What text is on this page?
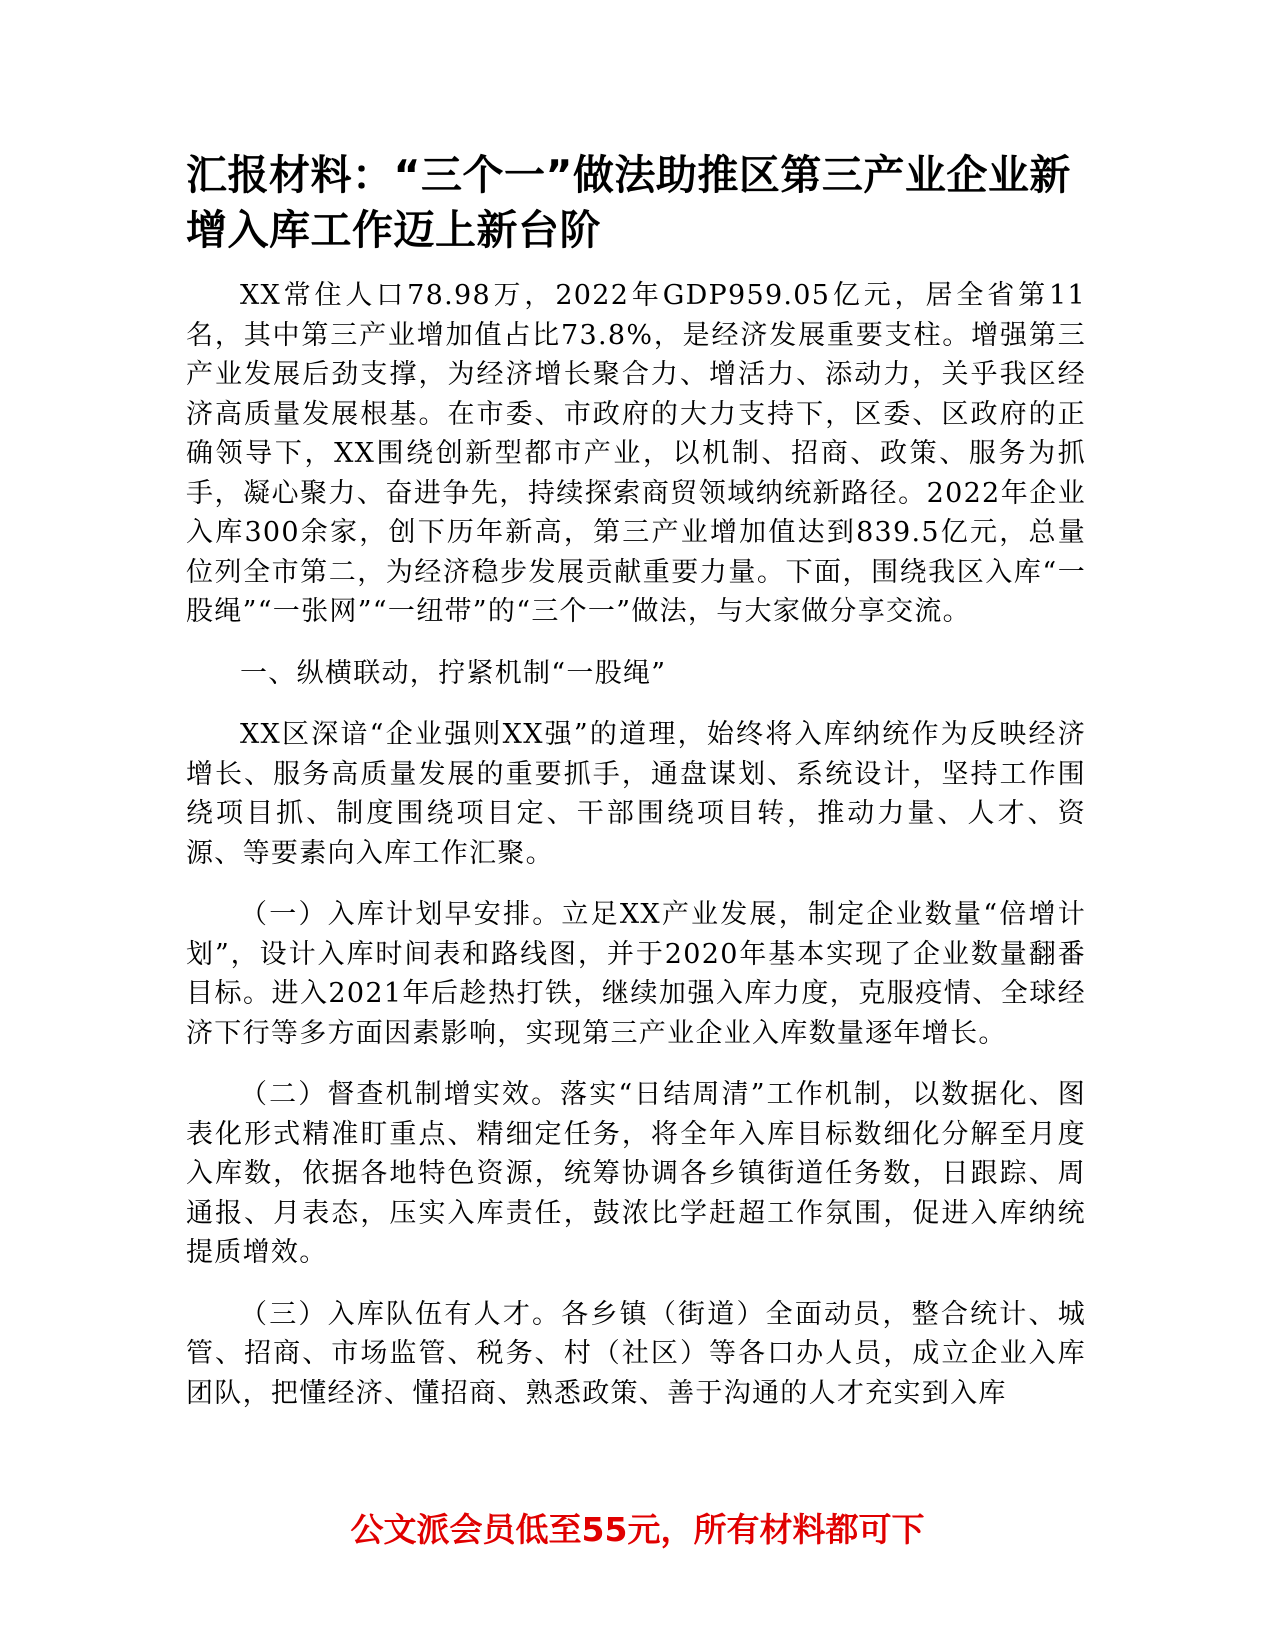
汇报材料：“三个一”做法助推区第三产业企业新增入库工作迈上新台阶

XX常住人口78.98万，2022年GDP959.05亿元，居全省第11名，其中第三产业增加值占比73.8%，是经济发展重要支柱。增强第三产业发展后劲支撑，为经济增长聚合力、增活力、添动力，关乎我区经济高质量发展根基。在市委、市政府的大力支持下，区委、区政府的正确领导下，XX围绕创新型都市产业，以机制、招商、政策、服务为抓手，凝心聚力、奋进争先，持续探索商贸领域纳统新路径。2022年企业入库300余家，创下历年新高，第三产业增加值达到839.5亿元，总量位列全市第二，为经济稳步发展贡献重要力量。下面，围绕我区入库“一股绳”“一张网”“一纽带”的“三个一”做法，与大家做分享交流。

一、纵横联动，拧紧机制“一股绳”

XX区深谙“企业强则XX强”的道理，始终将入库纳统作为反映经济增长、服务高质量发展的重要抓手，通盘谋划、系统设计，坚持工作围绕项目抓、制度围绕项目定、干部围绕项目转，推动力量、人才、资源、等要素向入库工作汇聚。

（一）入库计划早安排。立足XX产业发展，制定企业数量“倍增计划”，设计入库时间表和路线图，并于2020年基本实现了企业数量翻番目标。进入2021年后趁热打铁，继续加强入库力度，克服疫情、全球经济下行等多方面因素影响，实现第三产业企业入库数量逐年增长。

（二）督查机制增实效。落实“日结周清”工作机制，以数据化、图表化形式精准盯重点、精细定任务，将全年入库目标数细化分解至月度入库数，依据各地特色资源，统筹协调各乡镇街道任务数，日跟踪、周通报、月表态，压实入库责任，鼓浓比学赶超工作氛围，促进入库纳统提质增效。

（三）入库队伍有人才。各乡镇（街道）全面动员，整合统计、城管、招商、市场监管、税务、村（社区）等各口办人员，成立企业入库团队，把懂经济、懂招商、熟悉政策、善于沟通的人才充实到入库

公文派会员低至55元，所有材料都可下
